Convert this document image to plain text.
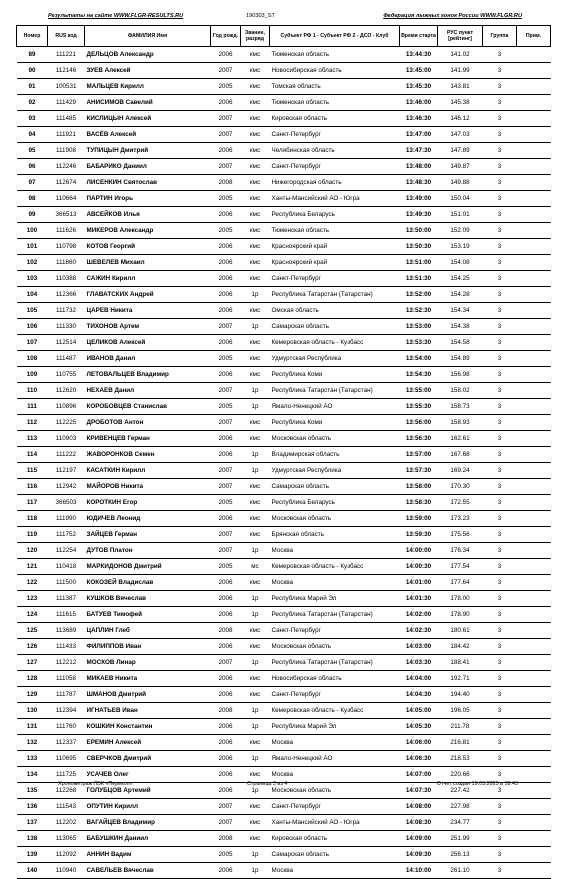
Результаты на сайте WWW.FLGR-RESULTS.RU	190303_ST	Федерация лыжных гонок России WWW.FLGR.RU
Номер	RUS код	ФАМИЛИЯ Имя	Год рожд.	Звание, разряд	Субъект РФ 1 - Субъект РФ 2 - ДСО - Клуб	Время старта	РУС пункт [рейтинг]	Группа	Прим.
89	111221	ДЕЛЬЦОВ Александр	2006	кмс	Тюменская область	13:44:30	141.02	3	
90	112146	ЗУЕВ Алексей	2007	кмс	Новосибирская область	13:45:00	141.99	3	
91	100531	МАЛЬЦЕВ Кирилл	2005	кмс	Томская область	13:45:30	143.81	3	
92	111429	АНИСИМОВ Савелий	2006	кмс	Тюменская область	13:46:00	145.38	3	
93	111485	КИСЛИЦЫН Алексей	2007	кмс	Кировская область	13:46:30	146.12	3	
94	111921	ВАСЁВ Алексей	2007	кмс	Санкт-Петербург	13:47:00	147.03	3	
95	111908	ТУПИЦЫН Дмитрий	2006	кмс	Челябинская область	13:47:30	147.89	3	
96	112246	БАБАРИКО Даниил	2007	кмс	Санкт-Петербург	13:48:00	149.87	3	
97	112674	ЛИСЕНКИН Святослав	2008	кмс	Нижегородская область	13:48:30	149.88	3	
98	110664	ПАРТИН Игорь	2005	кмс	Ханты-Мансийский АО - Югра	13:49:00	150.04	3	
99	366513	АВСЕЙКОВ Илья	2006	кмс	Республика Беларусь	13:49:30	151.01	3	
100	111626	МИКЕРОВ Александр	2005	кмс	Тюменская область	13:50:00	152.09	3	
101	110798	КОТОВ Георгий	2006	кмс	Красноярский край	13:50:30	153.19	3	
102	111860	ШЕВЕЛЕВ Михаил	2006	кмс	Красноярский край	13:51:00	154.08	3	
103	110388	САЖИН Кирилл	2006	кмс	Санкт-Петербург	13:51:30	154.25	3	
104	112366	ГЛАВАТСКИХ Андрей	2006	1р	Республика Татарстан (Татарстан)	13:52:00	154.28	3	
105	111732	ЦАРЕВ Никита	2006	кмс	Омская область	13:52:30	154.34	3	
106	111330	ТИХОНОВ Артем	2007	1р	Самарская область	13:53:00	154.38	3	
107	112514	ЦЕЛИКОВ Алексей	2006	кмс	Кемеровская область - Кузбасс	13:53:30	154.58	3	
108	111487	ИВАНОВ Данил	2005	кмс	Удмуртская Республика	13:54:00	154.89	3	
109	110755	ЛЕТОВАЛЬЦЕВ Владимир	2006	кмс	Республика Коми	13:54:30	156.98	3	
110	112620	НЕХАЕВ Данил	2007	1р	Республика Татарстан (Татарстан)	13:55:00	158.02	3	
111	110896	КОРОБОВЦЕВ Станислав	2005	1р	Ямало-Ненецкий АО	13:55:30	158.73	3	
112	112225	ДРОБОТОВ Антон	2007	кмс	Республика Коми	13:56:00	158.93	3	
113	110903	КРИВЕНЦЕВ Герман	2006	кмс	Московская область	13:56:30	162.61	3	
114	111222	ЖАВОРОНКОВ Семен	2006	1р	Владимирская область	13:57:00	167.68	3	
115	112197	КАСАТКИН Кирилл	2007	1р	Удмуртская Республика	13:57:30	169.24	3	
116	112942	МАЙОРОВ Никита	2007	кмс	Самарская область	13:58:00	170.30	3	
117	366503	КОРОТКИН Егор	2005	кмс	Республика Беларусь	13:58:30	172.55	3	
118	111990	ЮДИЧЕВ Леонид	2006	кмс	Московская область	13:59:00	173.23	3	
119	111752	ЗАЙЦЕВ Герман	2007	кмс	Брянская область	13:59:30	175.56	3	
120	112254	ДУТОВ Платон	2007	1р	Москва	14:00:00	176.34	3	
121	110418	МАРКИДОНОВ Дмитрий	2005	мс	Кемеровская область - Кузбасс	14:00:30	177.54	3	
122	111500	КОКОЗЕЙ Владислав	2006	кмс	Москва	14:01:00	177.64	3	
123	111387	КУШКОВ Вячеслав	2006	1р	Республика Марий Эл	14:01:30	178.00	3	
124	111615	БАТУЕВ Тимофей	2006	1р	Республика Татарстан (Татарстан)	14:02:00	178.90	3	
125	113689	ЦАПЛИН Глеб	2008	кмс	Санкт-Петербург	14:02:30	180.61	3	
126	111433	ФИЛИППОВ Иван	2006	кмс	Московская область	14:03:00	184.42	3	
127	112212	МОСКОВ Линар	2007	1р	Республика Татарстан (Татарстан)	14:03:30	188.41	3	
128	111058	МИКАЕВ Никита	2006	кмс	Новосибирская область	14:04:00	192.71	3	
129	111787	ШМАНОВ Дмитрий	2006	кмс	Санкт-Петербург	14:04:30	194.40	3	
130	112394	ИГНАТЬЕВ Иван	2008	1р	Кемеровская область - Кузбасс	14:05:00	196.05	3	
131	111760	КОШКИН Константин	2006	1р	Республика Марий Эл	14:05:30	211.78	3	
132	112337	ЕРЕМИН Алексей	2006	кмс	Москва	14:06:00	216.81	3	
133	110695	СВЕРЧКОВ Дмитрий	2006	1р	Ямало-Ненецкий АО	14:06:30	218.53	3	
134	111725	УСАЧЕВ Олег	2006	кмс	Москва	14:07:00	220.66	3	
135	112268	ГОЛУБЦОВ Артемий	2006	1р	Московская область	14:07:30	227.42	3	
136	111543	ОПУТИН Кирилл	2007	кмс	Санкт-Петербург	14:08:00	227.98	3	
137	112202	ВАГАЙЦЕВ Владимир	2007	кмс	Ханты-Мансийский АО - Югра	14:08:30	234.77	3	
138	113065	БАБУШКИН Даниил	2008	кмс	Кировская область	14:09:00	251.99	3	
139	112092	АННИН Вадим	2005	1р	Самарская область	14:09:30	256.13	3	
140	110940	САВЕЛЬЕВ Вячеслав	2006	1р	Москва	14:10:00	261.10	3	
Хронометраж ЛБК «Перекоп»	Страница 3 из 4	Отчет создан 19.03.2025 в 18:43
